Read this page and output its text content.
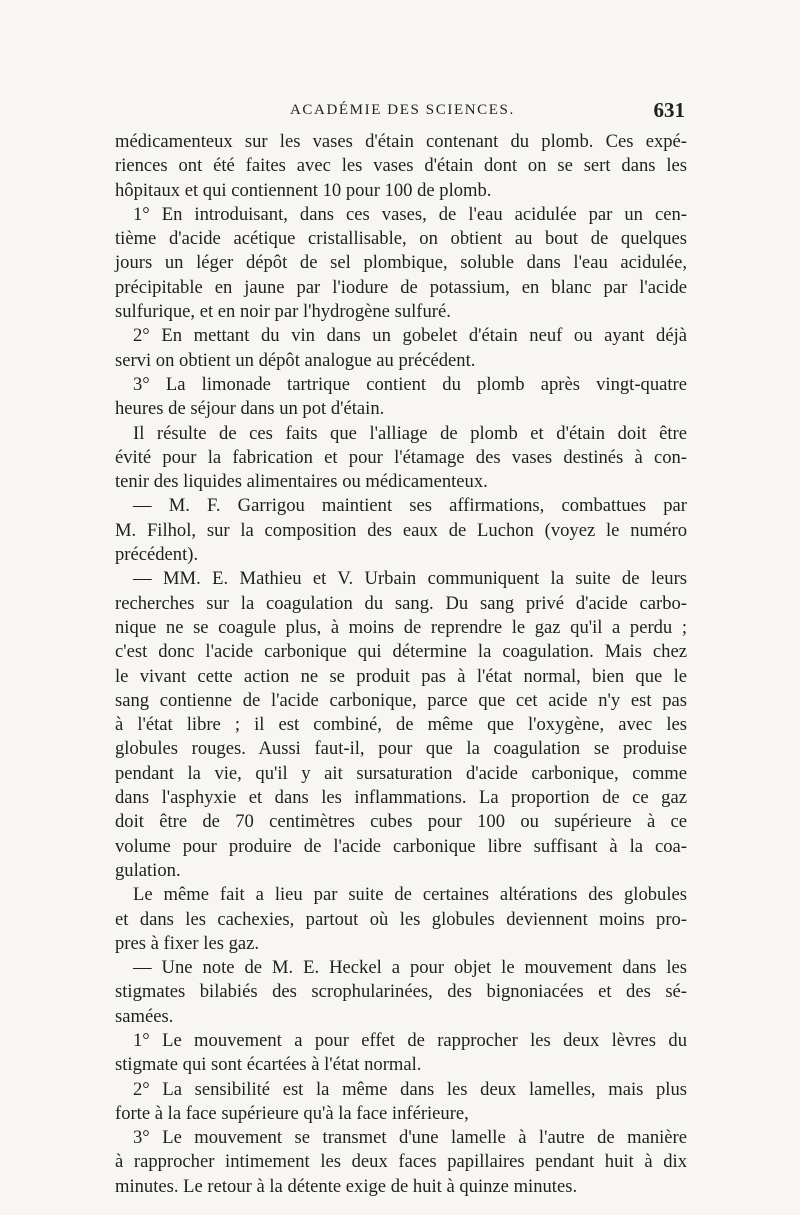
ACADÉMIE DES SCIENCES.	631

médicamenteux sur les vases d'étain contenant du plomb. Ces expé-

riences ont été faites avec les vases d'étain dont on se sert dans les

hôpitaux et qui contiennent 10 pour 100 de plomb.

1° En introduisant, dans ces vases, de l'eau acidulée par un cen-

tième d'acide acétique cristallisable, on obtient au bout de quelques

jours un léger dépôt de sel plombique, soluble dans l'eau acidulée,

précipitable en jaune par l'iodure de potassium, en blanc par l'acide

sulfurique, et en noir par l'hydrogène sulfuré.

2° En mettant du vin dans un gobelet d'étain neuf ou ayant déjà

servi on obtient un dépôt analogue au précédent.

3° La limonade tartrique contient du plomb après vingt-quatre

heures de séjour dans un pot d'étain.

Il résulte de ces faits que l'alliage de plomb et d'étain doit être

évité pour la fabrication et pour l'étamage des vases destinés à con-

tenir des liquides alimentaires ou médicamenteux.

— M. F. Garrigou maintient ses affirmations, combattues par

M. Filhol, sur la composition des eaux de Luchon (voyez le numéro

précédent).

— MM. E. Mathieu et V. Urbain communiquent la suite de leurs

recherches sur la coagulation du sang. Du sang privé d'acide carbo-

nique ne se coagule plus, à moins de reprendre le gaz qu'il a perdu ;

c'est donc l'acide carbonique qui détermine la coagulation. Mais chez

le vivant cette action ne se produit pas à l'état normal, bien que le

sang contienne de l'acide carbonique, parce que cet acide n'y est pas

à l'état libre ; il est combiné, de même que l'oxygène, avec les

globules rouges. Aussi faut-il, pour que la coagulation se produise

pendant la vie, qu'il y ait sursaturation d'acide carbonique, comme

dans l'asphyxie et dans les inflammations. La proportion de ce gaz

doit être de 70 centimètres cubes pour 100 ou supérieure à ce

volume pour produire de l'acide carbonique libre suffisant à la coa-

gulation.

Le même fait a lieu par suite de certaines altérations des globules

et dans les cachexies, partout où les globules deviennent moins pro-

pres à fixer les gaz.

— Une note de M. E. Heckel a pour objet le mouvement dans les

stigmates bilabiés des scrophularinées, des bignoniacées et des sé-

samées.

1° Le mouvement a pour effet de rapprocher les deux lèvres du

stigmate qui sont écartées à l'état normal.

2° La sensibilité est la même dans les deux lamelles, mais plus

forte à la face supérieure qu'à la face inférieure,

3° Le mouvement se transmet d'une lamelle à l'autre de manière

à rapprocher intimement les deux faces papillaires pendant huit à dix

minutes. Le retour à la détente exige de huit à quinze minutes.
